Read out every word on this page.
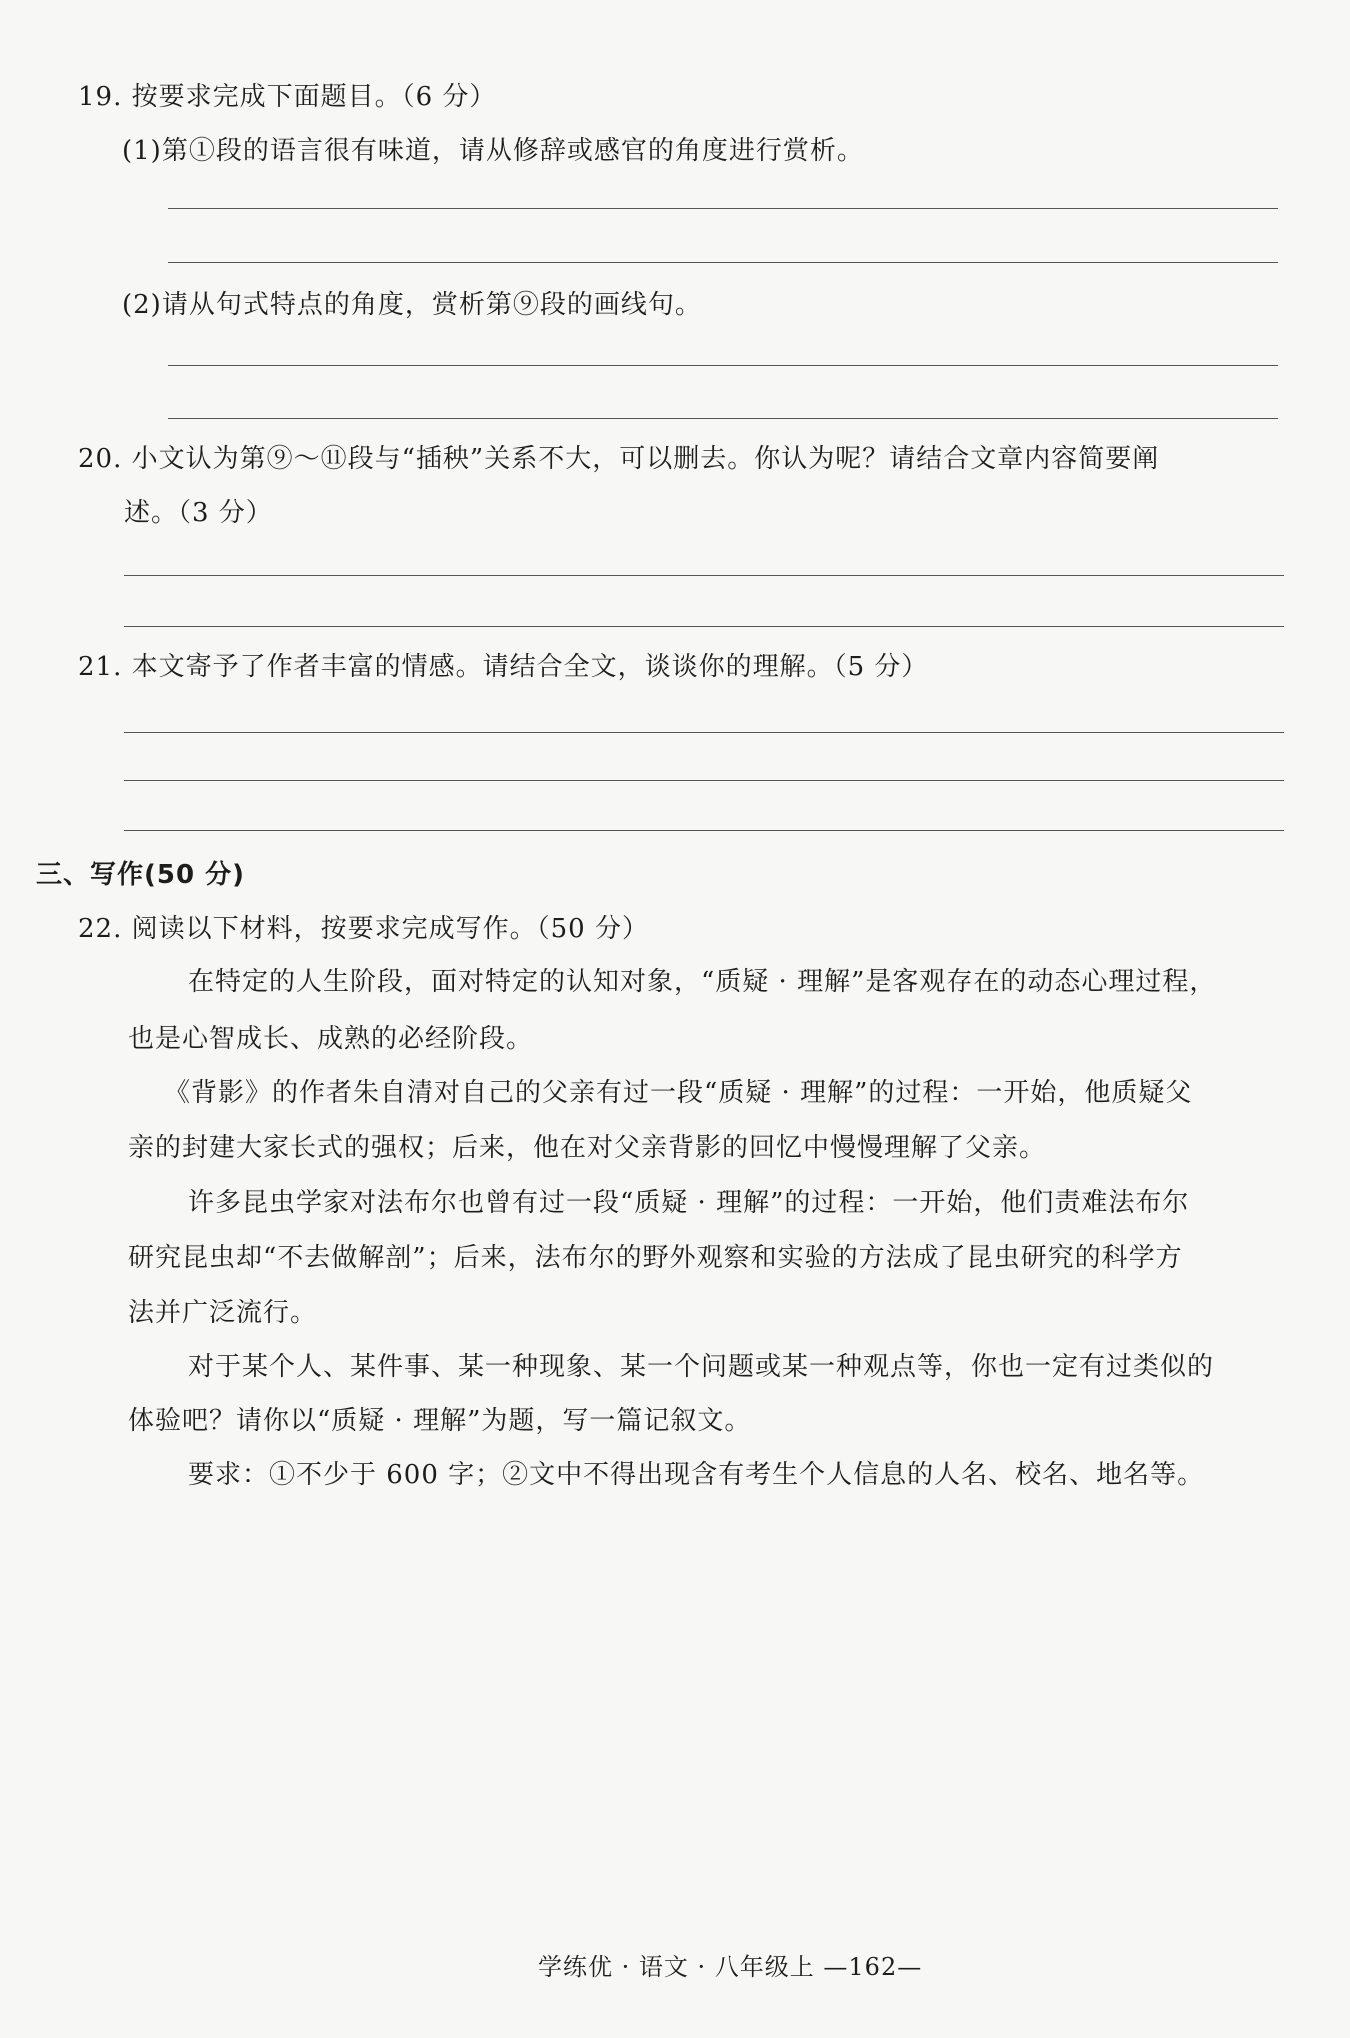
19. 按要求完成下面题目。（6 分）
(1)第①段的语言很有味道，请从修辞或感官的角度进行赏析。
(2)请从句式特点的角度，赏析第⑨段的画线句。
20. 小文认为第⑨～⑪段与“插秧”关系不大，可以删去。你认为呢？请结合文章内容简要阐
述。（3 分）
21. 本文寄予了作者丰富的情感。请结合全文，谈谈你的理解。（5 分）
三、写作(50 分)
22. 阅读以下材料，按要求完成写作。（50 分）
在特定的人生阶段，面对特定的认知对象，“质疑 · 理解”是客观存在的动态心理过程，
也是心智成长、成熟的必经阶段。
《背影》的作者朱自清对自己的父亲有过一段“质疑 · 理解”的过程：一开始，他质疑父
亲的封建大家长式的强权；后来，他在对父亲背影的回忆中慢慢理解了父亲。
许多昆虫学家对法布尔也曾有过一段“质疑 · 理解”的过程：一开始，他们责难法布尔
研究昆虫却“不去做解剖”；后来，法布尔的野外观察和实验的方法成了昆虫研究的科学方
法并广泛流行。
对于某个人、某件事、某一种现象、某一个问题或某一种观点等，你也一定有过类似的
体验吧？请你以“质疑 · 理解”为题，写一篇记叙文。
要求：①不少于 600 字；②文中不得出现含有考生个人信息的人名、校名、地名等。
学练优 · 语文 · 八年级上 —162—
